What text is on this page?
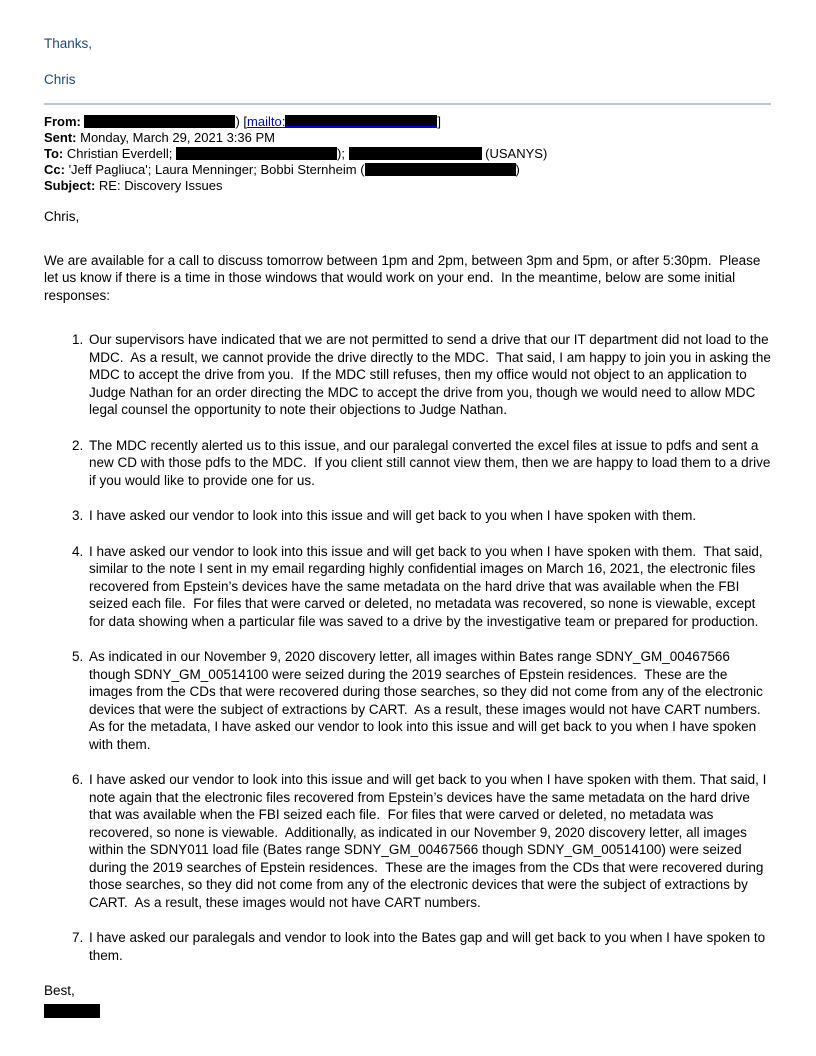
Thanks,

Chris

From:	) [mailto:	]

Sent: Monday, March 29, 2021 3:36 PM

To: Christian Everdell;	);	(USANYS)

Cc: 'Jeff Pagliuca'; Laura Menninger; Bobbi Sternheim (	)

Subject: RE: Discovery Issues

Chris,

We are available for a call to discuss tomorrow between 1pm and 2pm, between 3pm and 5pm, or after 5:30pm.  Please let us know if there is a time in those windows that would work on your end.  In the meantime, below are some initial responses:

1. Our supervisors have indicated that we are not permitted to send a drive that our IT department did not load to the MDC.  As a result, we cannot provide the drive directly to the MDC.  That said, I am happy to join you in asking the MDC to accept the drive from you.  If the MDC still refuses, then my office would not object to an application to Judge Nathan for an order directing the MDC to accept the drive from you, though we would need to allow MDC legal counsel the opportunity to note their objections to Judge Nathan.
2. The MDC recently alerted us to this issue, and our paralegal converted the excel files at issue to pdfs and sent a new CD with those pdfs to the MDC.  If you client still cannot view them, then we are happy to load them to a drive if you would like to provide one for us.
3. I have asked our vendor to look into this issue and will get back to you when I have spoken with them.
4. I have asked our vendor to look into this issue and will get back to you when I have spoken with them.  That said, similar to the note I sent in my email regarding highly confidential images on March 16, 2021, the electronic files recovered from Epstein’s devices have the same metadata on the hard drive that was available when the FBI seized each file.  For files that were carved or deleted, no metadata was recovered, so none is viewable, except for data showing when a particular file was saved to a drive by the investigative team or prepared for production.
5. As indicated in our November 9, 2020 discovery letter, all images within Bates range SDNY_GM_00467566 though SDNY_GM_00514100 were seized during the 2019 searches of Epstein residences.  These are the images from the CDs that were recovered during those searches, so they did not come from any of the electronic devices that were the subject of extractions by CART.  As a result, these images would not have CART numbers.  As for the metadata, I have asked our vendor to look into this issue and will get back to you when I have spoken with them.
6. I have asked our vendor to look into this issue and will get back to you when I have spoken with them. That said, I note again that the electronic files recovered from Epstein’s devices have the same metadata on the hard drive that was available when the FBI seized each file.  For files that were carved or deleted, no metadata was recovered, so none is viewable.  Additionally, as indicated in our November 9, 2020 discovery letter, all images within the SDNY011 load file (Bates range SDNY_GM_00467566 though SDNY_GM_00514100) were seized during the 2019 searches of Epstein residences.  These are the images from the CDs that were recovered during those searches, so they did not come from any of the electronic devices that were the subject of extractions by CART.  As a result, these images would not have CART numbers.
7. I have asked our paralegals and vendor to look into the Bates gap and will get back to you when I have spoken to them.

Best,
